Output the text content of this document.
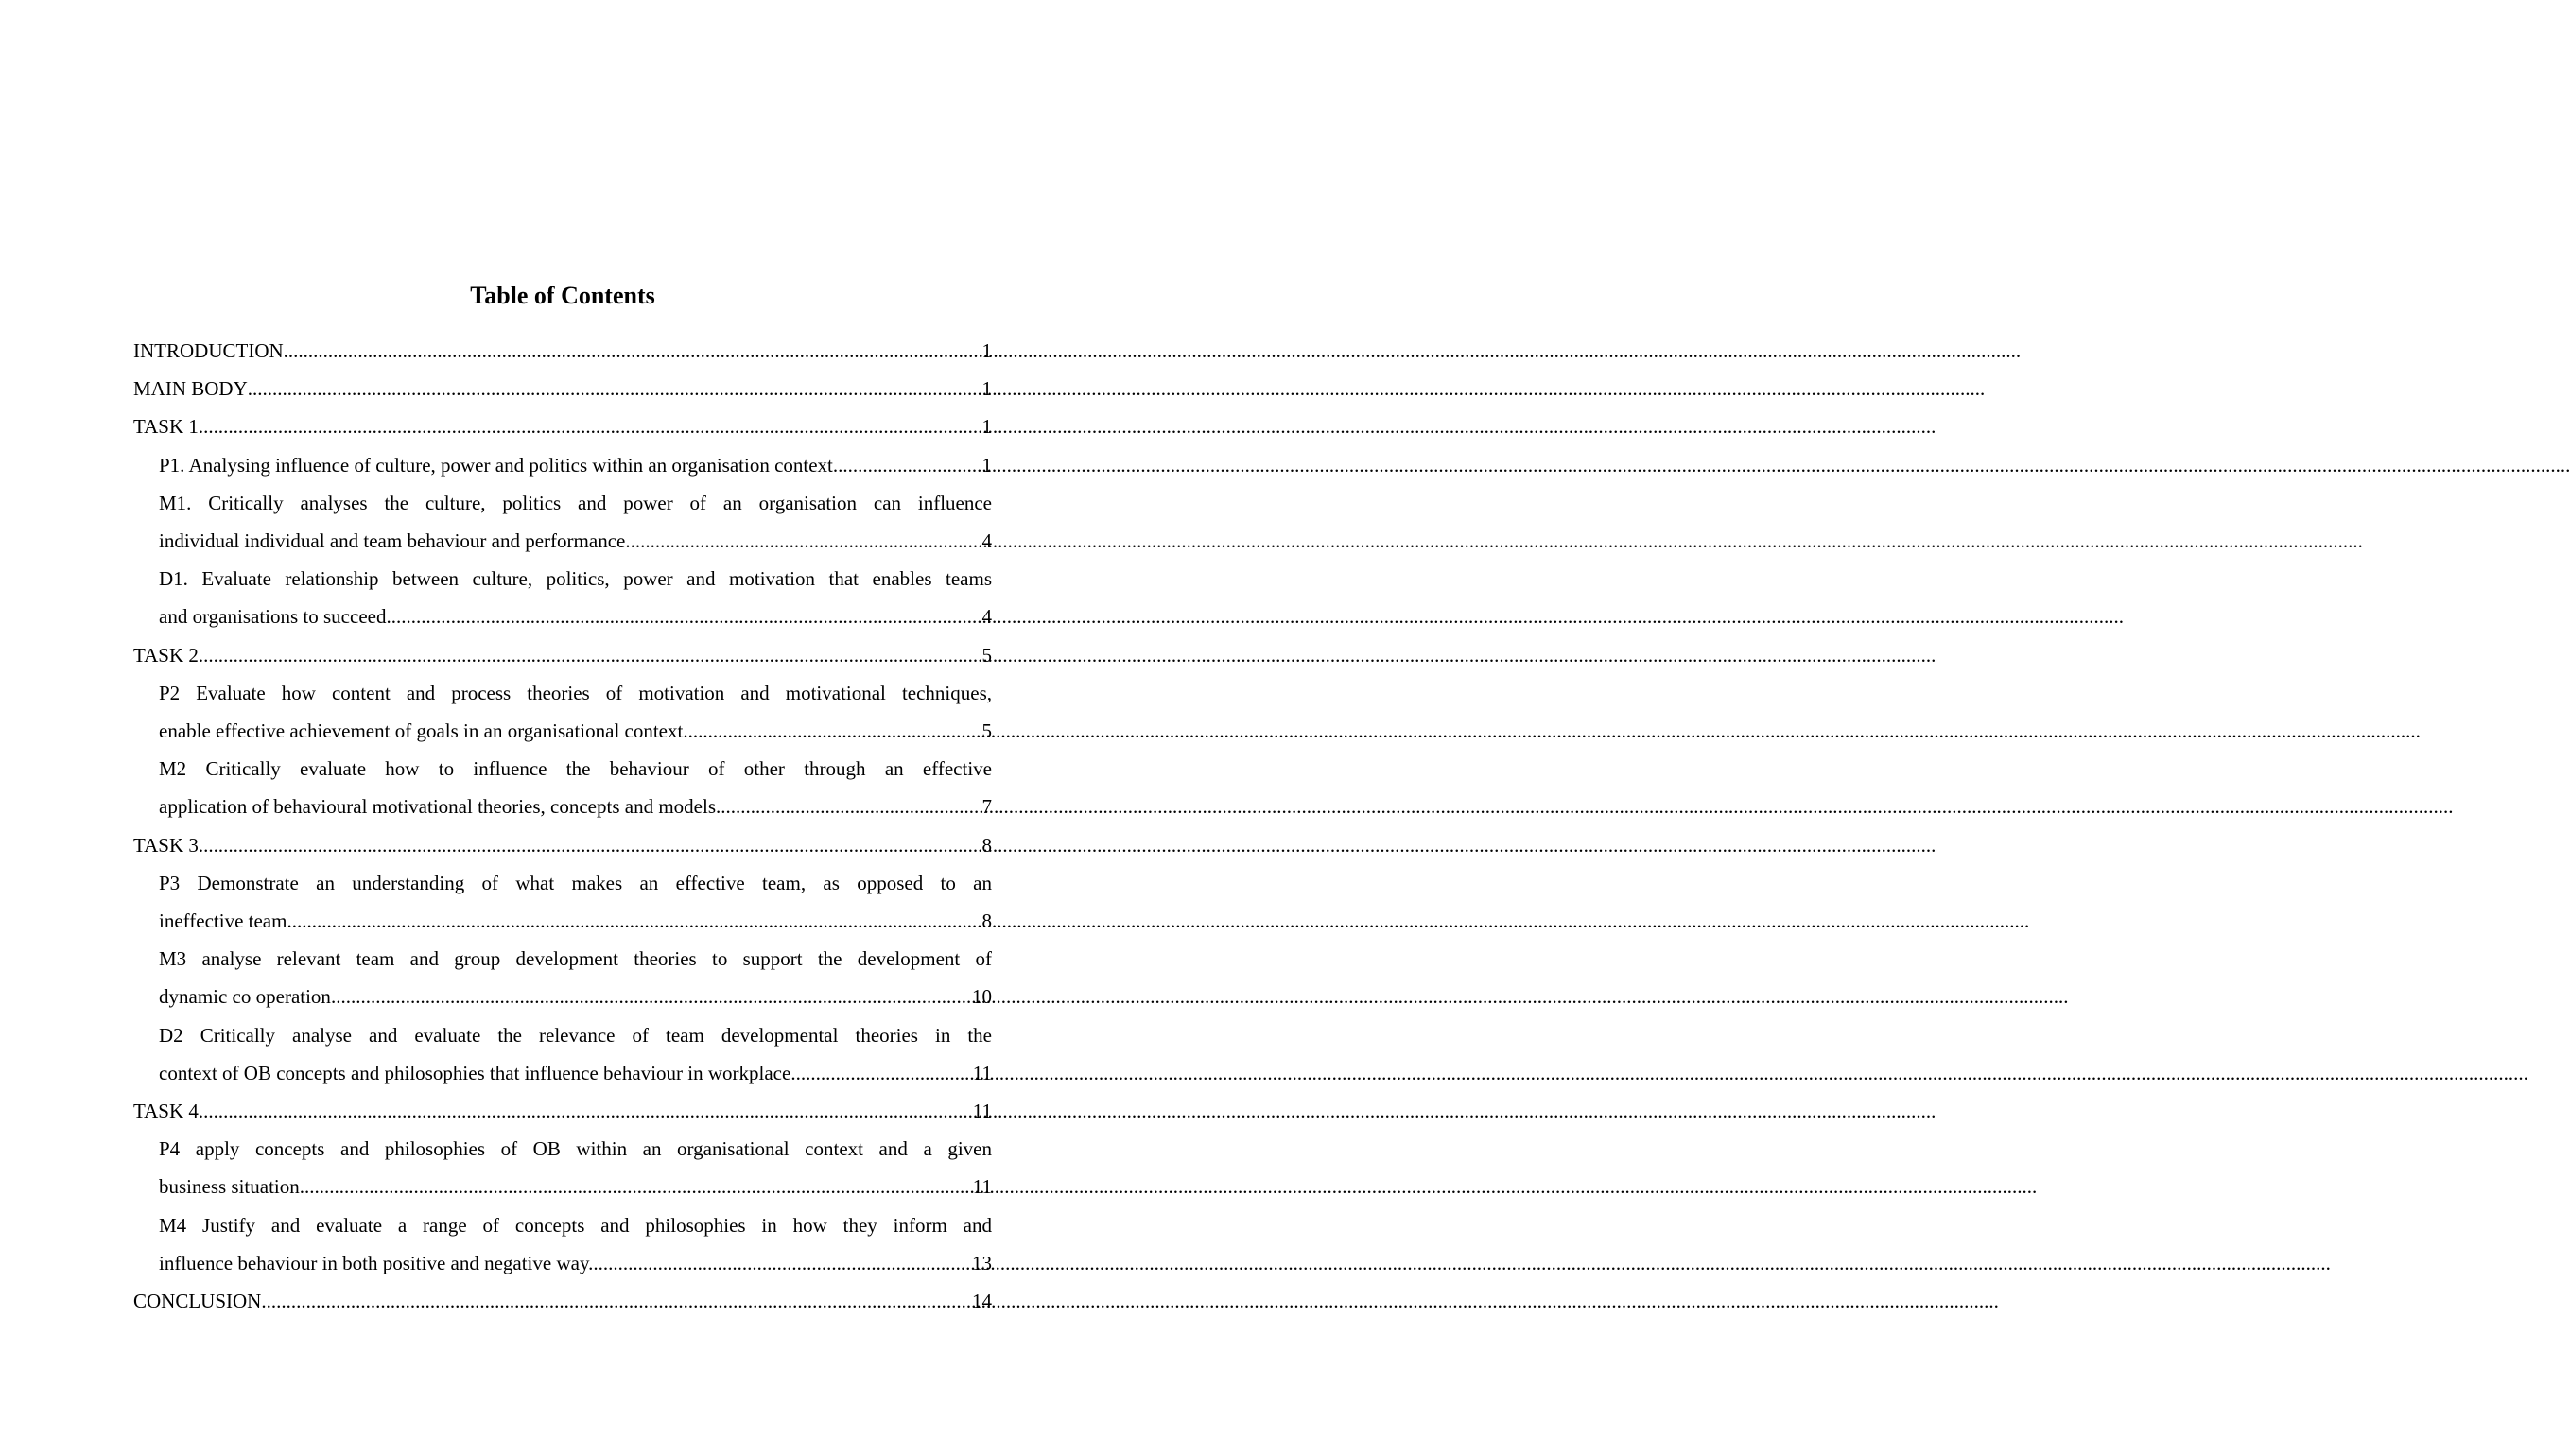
Table of Contents
INTRODUCTION .....	1
MAIN BODY .....	1
TASK 1 .....	1
P1. Analysing influence of culture, power and politics within an organisation context .....	1
M1. Critically analyses the culture, politics and power of an organisation can influence
individual individual and team behaviour and performance .....	4
D1. Evaluate relationship between culture, politics, power and motivation that enables teams
and organisations to succeed .....	4
TASK 2 .....	5
P2 Evaluate how content and process theories of motivation and motivational techniques,
enable effective achievement of goals in an organisational context .....	5
M2 Critically evaluate how to influence the behaviour of other through an effective
application of behavioural motivational theories, concepts and models .....	7
TASK 3 .....	8
P3 Demonstrate an understanding of what makes an effective team, as opposed to an
ineffective team. .....	8
M3 analyse relevant team and group development theories to support the development of
dynamic co operation .....	10
D2 Critically analyse and evaluate the relevance of team developmental theories in the
context of OB concepts and philosophies that influence behaviour in workplace .....	11
TASK 4 .....	11
P4 apply concepts and philosophies of OB within an organisational context and a given
business situation .....	11
M4 Justify and evaluate a range of concepts and philosophies in how they inform and
influence behaviour in both positive and negative way. .....	13
CONCLUSION .....	14
